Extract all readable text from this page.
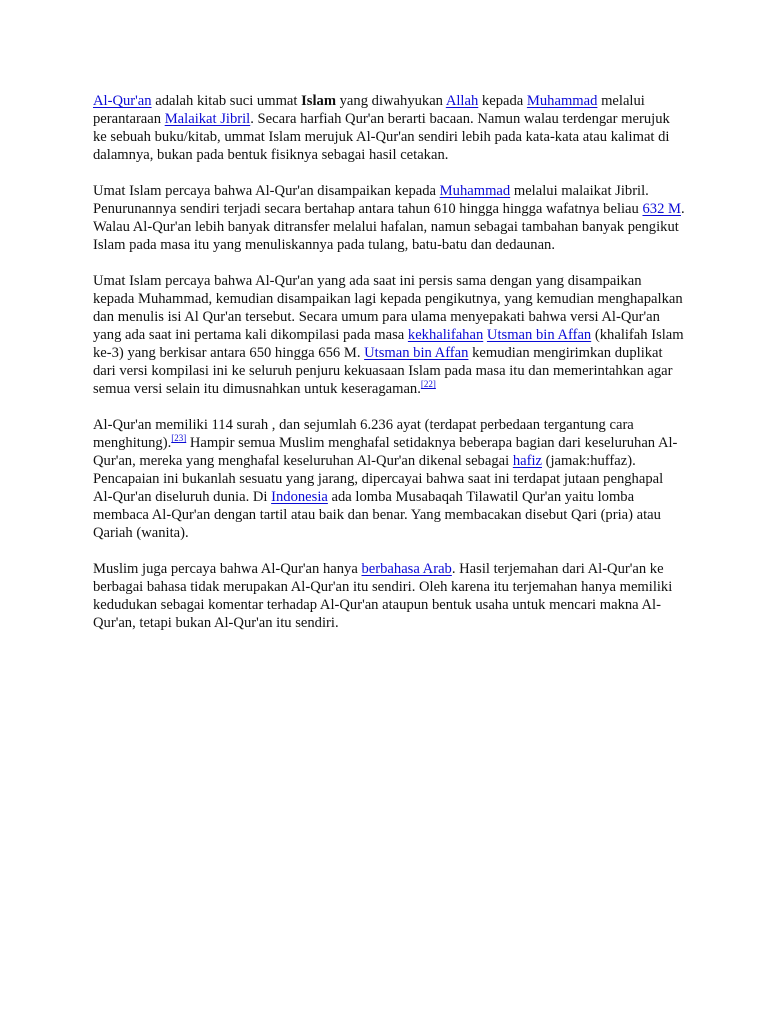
Al-Qur'an adalah kitab suci ummat Islam yang diwahyukan Allah kepada Muhammad melalui perantaraan Malaikat Jibril. Secara harfiah Qur'an berarti bacaan. Namun walau terdengar merujuk ke sebuah buku/kitab, ummat Islam merujuk Al-Qur'an sendiri lebih pada kata-kata atau kalimat di dalamnya, bukan pada bentuk fisiknya sebagai hasil cetakan.

Umat Islam percaya bahwa Al-Qur'an disampaikan kepada Muhammad melalui malaikat Jibril. Penurunannya sendiri terjadi secara bertahap antara tahun 610 hingga hingga wafatnya beliau 632 M. Walau Al-Qur'an lebih banyak ditransfer melalui hafalan, namun sebagai tambahan banyak pengikut Islam pada masa itu yang menuliskannya pada tulang, batu-batu dan dedaunan.

Umat Islam percaya bahwa Al-Qur'an yang ada saat ini persis sama dengan yang disampaikan kepada Muhammad, kemudian disampaikan lagi kepada pengikutnya, yang kemudian menghapalkan dan menulis isi Al Qur'an tersebut. Secara umum para ulama menyepakati bahwa versi Al-Qur'an yang ada saat ini pertama kali dikompilasi pada masa kekhalifahan Utsman bin Affan (khalifah Islam ke-3) yang berkisar antara 650 hingga 656 M. Utsman bin Affan kemudian mengirimkan duplikat dari versi kompilasi ini ke seluruh penjuru kekuasaan Islam pada masa itu dan memerintahkan agar semua versi selain itu dimusnahkan untuk keseragaman.[22]

Al-Qur'an memiliki 114 surah , dan sejumlah 6.236 ayat (terdapat perbedaan tergantung cara menghitung).[23] Hampir semua Muslim menghafal setidaknya beberapa bagian dari keseluruhan Al-Qur'an, mereka yang menghafal keseluruhan Al-Qur'an dikenal sebagai hafiz (jamak:huffaz). Pencapaian ini bukanlah sesuatu yang jarang, dipercayai bahwa saat ini terdapat jutaan penghapal Al-Qur'an diseluruh dunia. Di Indonesia ada lomba Musabaqah Tilawatil Qur'an yaitu lomba membaca Al-Qur'an dengan tartil atau baik dan benar. Yang membacakan disebut Qari (pria) atau Qariah (wanita).

Muslim juga percaya bahwa Al-Qur'an hanya berbahasa Arab. Hasil terjemahan dari Al-Qur'an ke berbagai bahasa tidak merupakan Al-Qur'an itu sendiri. Oleh karena itu terjemahan hanya memiliki kedudukan sebagai komentar terhadap Al-Qur'an ataupun bentuk usaha untuk mencari makna Al-Qur'an, tetapi bukan Al-Qur'an itu sendiri.
